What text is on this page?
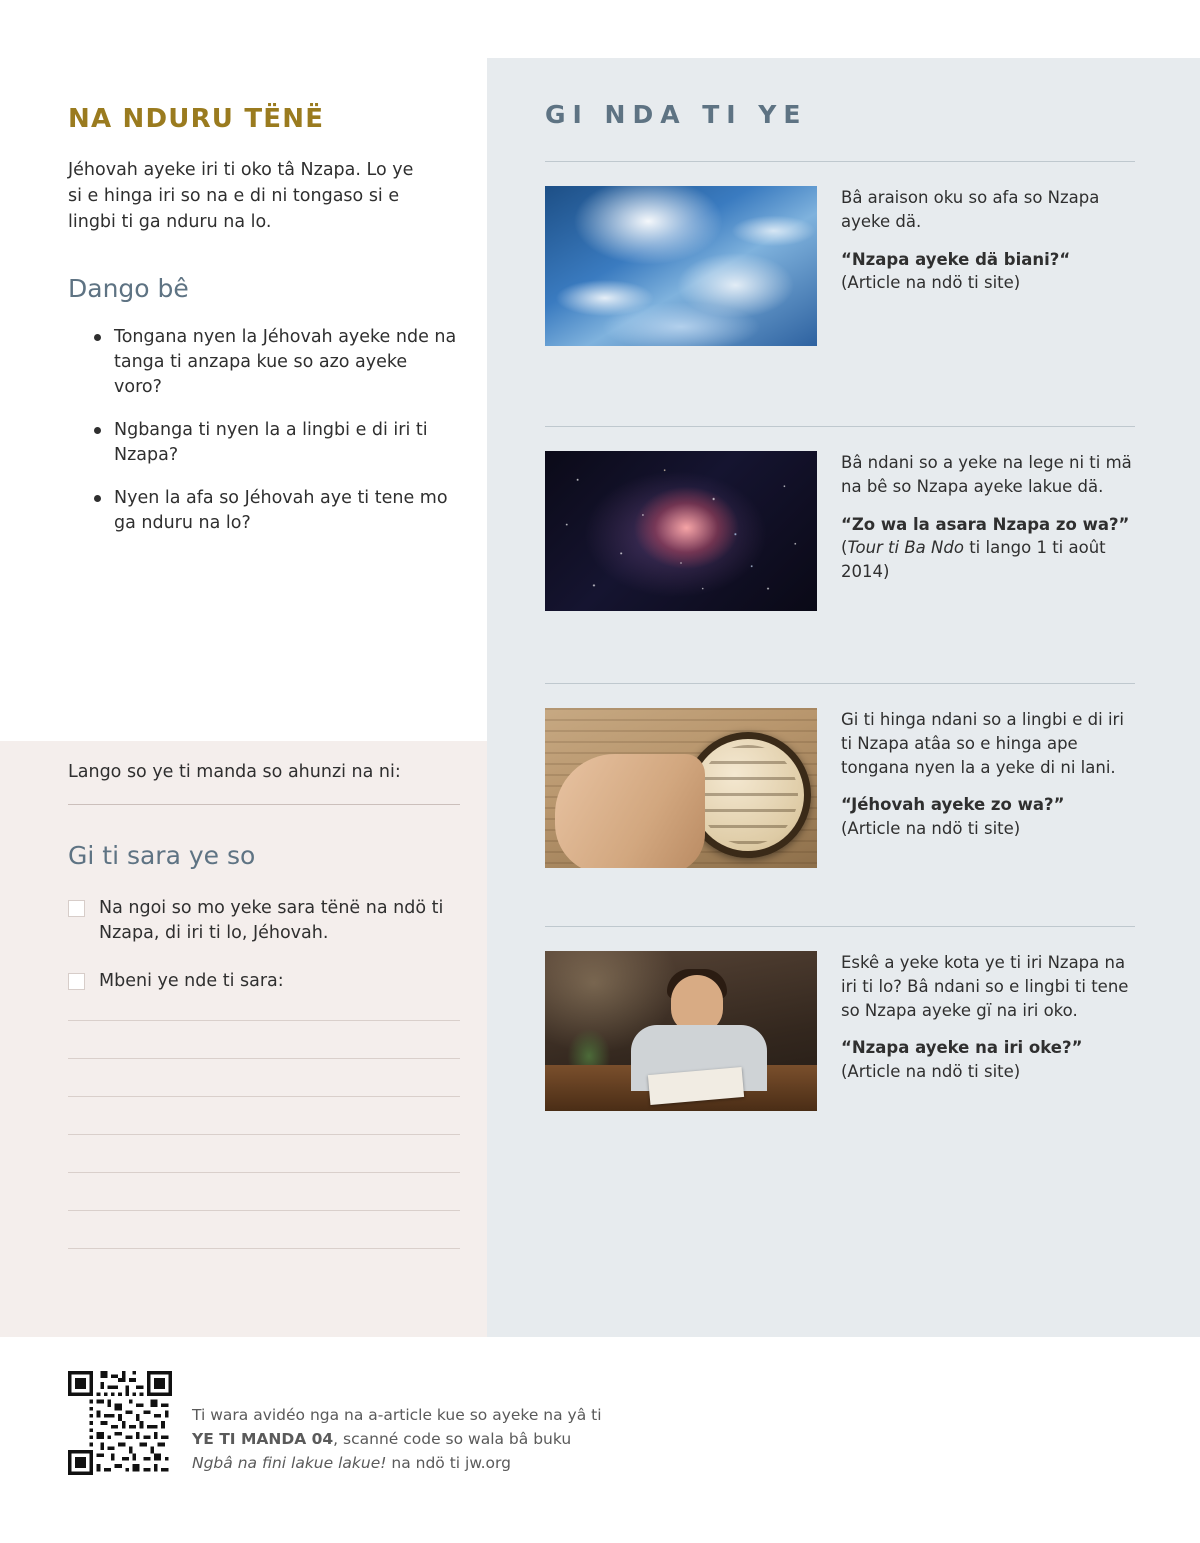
NA NDURU TËNË

Jéhovah ayeke iri ti oko tâ Nzapa. Lo ye si e hinga iri so na e di ni tongaso si e lingbi ti ga nduru na lo.

Dango bê
Tongana nyen la Jéhovah ayeke nde na tanga ti anzapa kue so azo ayeke voro?
Ngbanga ti nyen la a lingbi e di iri ti Nzapa?
Nyen la afa so Jéhovah aye ti tene mo ga nduru na lo?

Lango so ye ti manda so ahunzi na ni:

Gi ti sara ye so
Na ngoi so mo yeke sara tënë na ndö ti Nzapa, di iri ti lo, Jéhovah.
Mbeni ye nde ti sara:
GI NDA TI YE

Bâ araison oku so afa so Nzapa ayeke dä.

“Nzapa ayeke dä biani?“
(Article na ndö ti site)

Bâ ndani so a yeke na lege ni ti mä na bê so Nzapa ayeke lakue dä.

“Zo wa la asara Nzapa zo wa?” (Tour ti Ba Ndo ti lango 1 ti août 2014)

Gi ti hinga ndani so a lingbi e di iri ti Nzapa atâa so e hinga ape tongana nyen la a yeke di ni lani.

“Jéhovah ayeke zo wa?”
(Article na ndö ti site)

Eskê a yeke kota ye ti iri Nzapa na iri ti lo? Bâ ndani so e lingbi ti tene so Nzapa ayeke gï na iri oko.

“Nzapa ayeke na iri oke?”
(Article na ndö ti site)

Ti wara avidéo nga na a-article kue so ayeke na yâ ti
YE TI MANDA 04, scanné code so wala bâ buku
Ngbâ na fini lakue lakue! na ndö ti jw.org
